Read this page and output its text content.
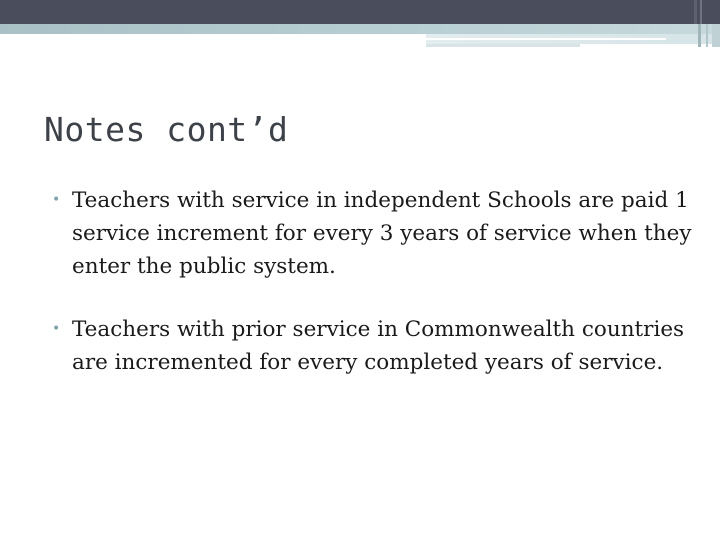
Notes cont’d
• Teachers with service in independent Schools are paid 1 service increment for every 3 years of service when they enter the public system.
• Teachers with prior service in Commonwealth countries are incremented for every completed years of service.
